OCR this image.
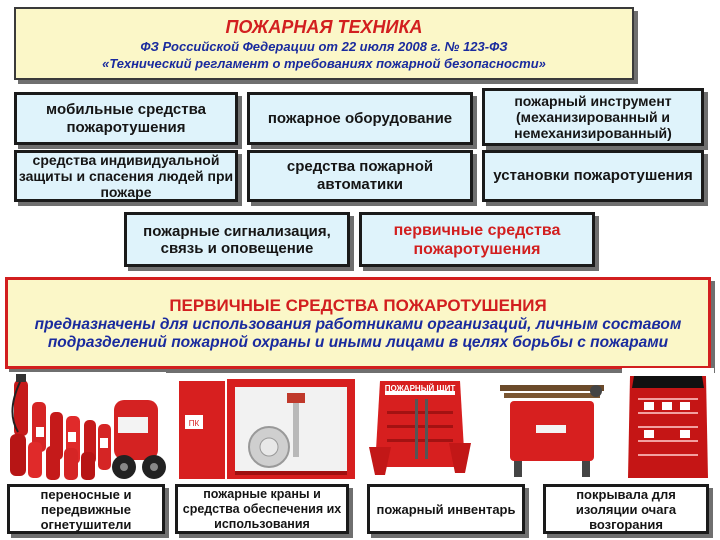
ПОЖАРНАЯ ТЕХНИКА
ФЗ Российской Федерации от 22 июля 2008 г. № 123-ФЗ
«Технический регламент о требованиях пожарной безопасности»
мобильные средства пожаротушения
пожарное оборудование
пожарный инструмент (механизированный и немеханизированный)
средства индивидуальной защиты и спасения людей при пожаре
средства пожарной автоматики
установки пожаротушения
пожарные сигнализация, связь и оповещение
первичные средства пожаротушения
ПЕРВИЧНЫЕ СРЕДСТВА ПОЖАРОТУШЕНИЯ
предназначены для использования работниками организаций, личным составом подразделений пожарной охраны и иными лицами в целях борьбы с пожарами
ПК
ПОЖАРНЫЙ ЩИТ
переносные и передвижные огнетушители
пожарные краны и средства обеспечения их использования
пожарный инвентарь
покрывала для изоляции очага возгорания
